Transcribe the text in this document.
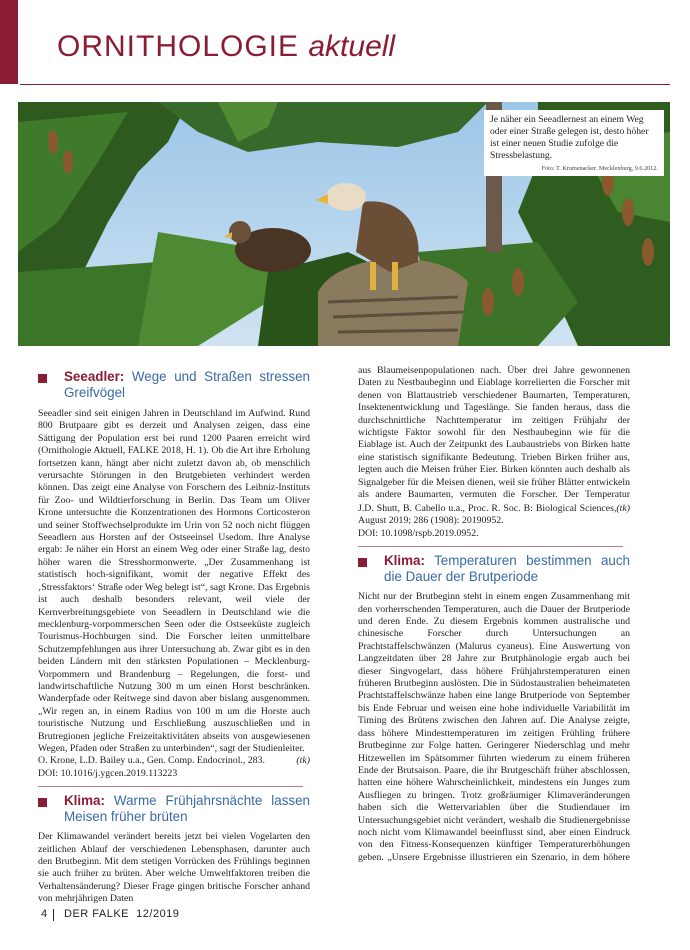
ORNITHOLOGIE aktuell
Je näher ein Seeadlernest an einem Weg oder einer Straße gelegen ist, desto höher ist einer neuen Studie zufolge die Stressbelastung.
Foto: T. Krumenacker. Mecklenburg, 9.6.2012.
Seeadler: Wege und Straßen stressen Greifvögel

Seeadler sind seit einigen Jahren in Deutschland im Aufwind. Rund 800 Brutpaare gibt es derzeit und Analysen zeigen, dass eine Sättigung der Population erst bei rund 1200 Paaren erreicht wird (Ornithologie Aktuell, FALKE 2018, H. 1). Ob die Art ihre Erholung fortsetzen kann, hängt aber nicht zuletzt davon ab, ob menschlich verursachte Störungen in den Brutgebieten verhindert werden können. Das zeigt eine Analyse von Forschern des Leibniz-Instituts für Zoo- und Wildtierforschung in Berlin. Das Team um Oliver Krone untersuchte die Konzentrationen des Hormons Corticosteron und seiner Stoffwechselprodukte im Urin von 52 noch nicht flüggen Seeadlern aus Horsten auf der Ostseeinsel Usedom. Ihre Analyse ergab: Je näher ein Horst an einem Weg oder einer Straße lag, desto höher waren die Stresshormonwerte. „Der Zusammenhang ist statistisch hoch-signifikant, womit der negative Effekt des ‚Stressfaktors‘ Straße oder Weg belegt ist“, sagt Krone. Das Ergebnis ist auch deshalb besonders relevant, weil viele der Kernverbreitungsgebiete von Seeadlern in Deutschland wie die mecklenburg-vorpommerschen Seen oder die Ostseeküste zugleich Tourismus-Hochburgen sind. Die Forscher leiten unmittelbare Schutzempfehlungen aus ihrer Untersuchung ab. Zwar gibt es in den beiden Ländern mit den stärksten Populationen – Mecklenburg-Vorpommern und Brandenburg – Regelungen, die forst- und landwirtschaftliche Nutzung 300 m um einen Horst beschränken. Wanderpfade oder Reitwege sind davon aber bislang ausgenommen. „Wir regen an, in einem Radius von 100 m um die Horste auch touristische Nutzung und Erschließung auszuschließen und in Brutregionen jegliche Freizeitaktivitäten abseits von ausgewiesenen Wegen, Pfaden oder Straßen zu unterbinden“, sagt der Studienleiter.

(tk)
O. Krone, L.D. Bailey u.a., Gen. Comp. Endocrinol., 283.
DOI: 10.1016/j.ygcen.2019.113223

Klima: Warme Frühjahrsnächte lassen Meisen früher brüten

Der Klimawandel verändert bereits jetzt bei vielen Vogelarten den zeitlichen Ablauf der verschiedenen Lebensphasen, darunter auch den Brutbeginn. Mit dem stetigen Vorrücken des Frühlings beginnen sie auch früher zu brüten. Aber welche Umweltfaktoren treiben die Verhaltensänderung? Dieser Frage gingen britische Forscher anhand von mehrjährigen Daten

aus Blaumeisenpopulationen nach. Über drei Jahre gewonnenen Daten zu Nestbaubeginn und Eiablage korrelierten die Forscher mit denen von Blattaustrieb verschiedener Baumarten, Temperaturen, Insektenentwicklung und Tageslänge. Sie fanden heraus, dass die durchschnittliche Nachttemperatur im zeitigen Frühjahr der wichtigste Faktor sowohl für den Nestbaubeginn wie für die Eiablage ist. Auch der Zeitpunkt des Laubaustriebs von Birken hatte eine statistisch signifikante Bedeutung. Trieben Birken früher aus, legten auch die Meisen früher Eier. Birken könnten auch deshalb als Signalgeber für die Meisen dienen, weil sie früher Blätter entwickeln als andere Baumarten, vermuten die Forscher. Der Temperatur

(tk)
J.D. Shutt, B. Cabello u.a., Proc. R. Soc. B: Biological Sciences, August 2019; 286 (1908): 20190952.
DOI: 10.1098/rspb.2019.0952.

Klima: Temperaturen bestimmen auch die Dauer der Brutperiode

Nicht nur der Brutbeginn steht in einem engen Zusammenhang mit den vorherrschenden Temperaturen, auch die Dauer der Brutperiode und deren Ende. Zu diesem Ergebnis kommen australische und chinesische Forscher durch Untersuchungen an Prachtstaffelschwänzen (Malurus cyaneus). Eine Auswertung von Langzeitdaten über 28 Jahre zur Brutphänologie ergab auch bei dieser Singvogelart, dass höhere Frühjahrstemperaturen einen früheren Brutbeginn auslösten. Die in Südostaustralien beheimateten Prachtstaffelschwänze haben eine lange Brutperiode von September bis Ende Februar und weisen eine hohe individuelle Variabilität im Timing des Brütens zwischen den Jahren auf. Die Analyse zeigte, dass höhere Mindesttemperaturen im zeitigen Frühling frühere Brutbeginne zur Folge hatten. Geringerer Niederschlag und mehr Hitzewellen im Spätsommer führten wiederum zu einem früheren Ende der Brutsaison. Paare, die ihr Brutgeschäft früher abschlossen, hatten eine höhere Wahrscheinlichkeit, mindestens ein Junges zum Ausfliegen zu bringen. Trotz großräumiger Klimaveränderungen haben sich die Wettervariablen über die Studiendauer im Untersuchungsgebiet nicht verändert, weshalb die Studienergebnisse noch nicht vom Klimawandel beeinflusst sind, aber einen Eindruck von den Fitness-Konsequenzen künftiger Temperaturerhöhungen geben. „Unsere Ergebnisse illustrieren ein Szenario, in dem höhere

4 DER FALKE 12/2019
